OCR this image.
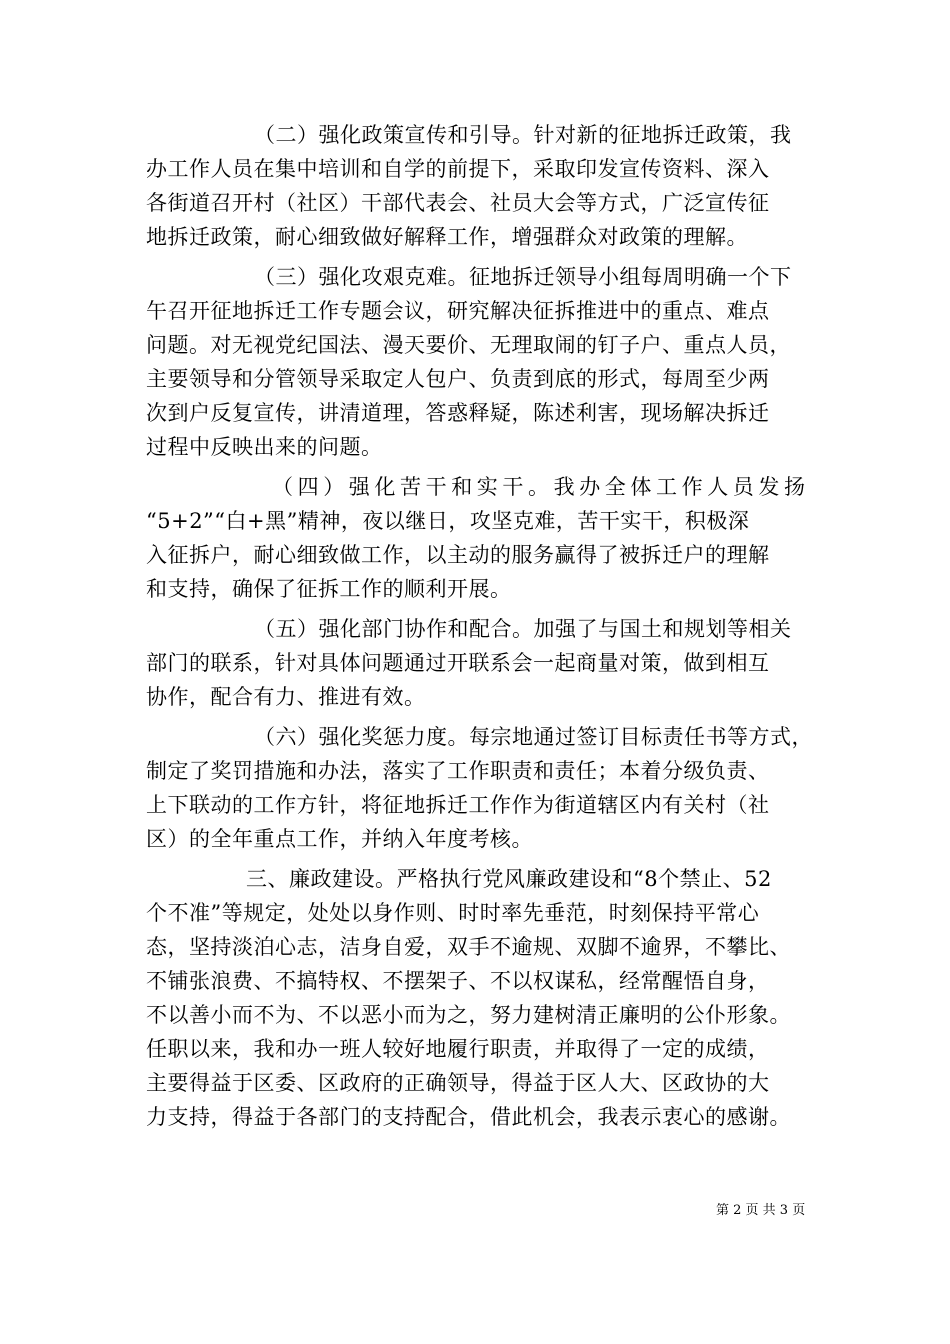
（二）强化政策宣传和引导。针对新的征地拆迁政策，我
办工作人员在集中培训和自学的前提下，采取印发宣传资料、深入
各街道召开村（社区）干部代表会、社员大会等方式，广泛宣传征
地拆迁政策，耐心细致做好解释工作，增强群众对政策的理解。
（三）强化攻艰克难。征地拆迁领导小组每周明确一个下
午召开征地拆迁工作专题会议，研究解决征拆推进中的重点、难点
问题。对无视党纪国法、漫天要价、无理取闹的钉子户、重点人员，
主要领导和分管领导采取定人包户、负责到底的形式，每周至少两
次到户反复宣传，讲清道理，答惑释疑，陈述利害，现场解决拆迁
过程中反映出来的问题。
（四）强化苦干和实干。我办全体工作人员发扬
“5+2”“白+黑”精神，夜以继日，攻坚克难，苦干实干，积极深
入征拆户，耐心细致做工作，以主动的服务赢得了被拆迁户的理解
和支持，确保了征拆工作的顺利开展。
（五）强化部门协作和配合。加强了与国土和规划等相关
部门的联系，针对具体问题通过开联系会一起商量对策，做到相互
协作，配合有力、推进有效。
（六）强化奖惩力度。每宗地通过签订目标责任书等方式，
制定了奖罚措施和办法，落实了工作职责和责任；本着分级负责、
上下联动的工作方针，将征地拆迁工作作为街道辖区内有关村（社
区）的全年重点工作，并纳入年度考核。
三、廉政建设。严格执行党风廉政建设和“8个禁止、52
个不准”等规定，处处以身作则、时时率先垂范，时刻保持平常心
态，坚持淡泊心志，洁身自爱，双手不逾规、双脚不逾界，不攀比、
不铺张浪费、不搞特权、不摆架子、不以权谋私，经常醒悟自身，
不以善小而不为、不以恶小而为之，努力建树清正廉明的公仆形象。
任职以来，我和办一班人较好地履行职责，并取得了一定的成绩，
主要得益于区委、区政府的正确领导，得益于区人大、区政协的大
力支持，得益于各部门的支持配合，借此机会，我表示衷心的感谢。
第 2 页 共 3 页
